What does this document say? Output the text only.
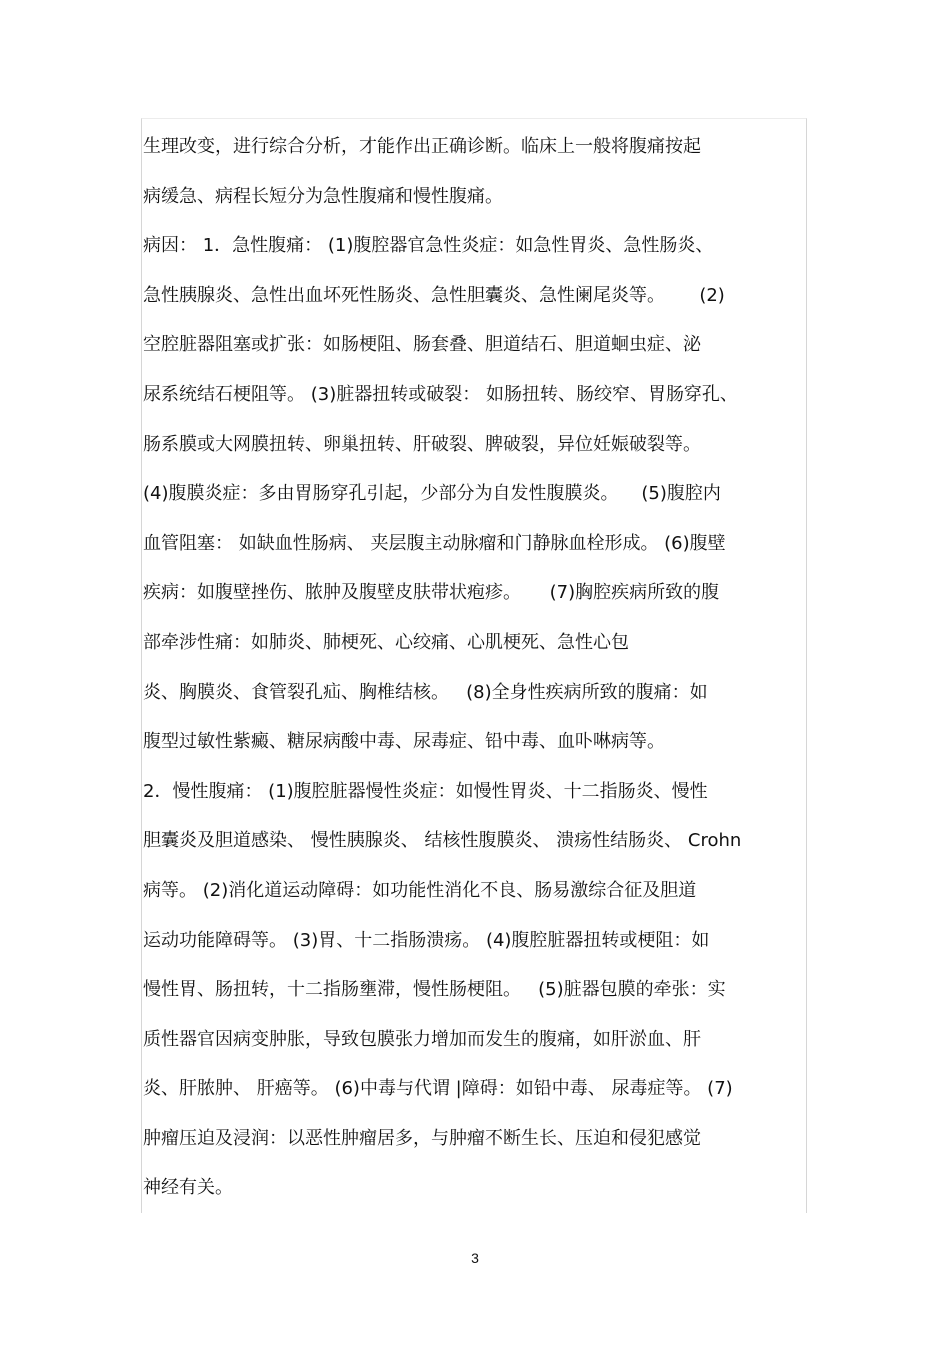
生理改变，进行综合分析，才能作出正确诊断。临床上一般将腹痛按起
病缓急、病程长短分为急性腹痛和慢性腹痛。
病因： 1．急性腹痛： (1)腹腔器官急性炎症：如急性胃炎、急性肠炎、
急性胰腺炎、急性出血坏死性肠炎、急性胆囊炎、急性阑尾炎等。      (2)
空腔脏器阻塞或扩张：如肠梗阻、肠套叠、胆道结石、胆道蛔虫症、泌
尿系统结石梗阻等。 (3)脏器扭转或破裂： 如肠扭转、肠绞窄、胃肠穿孔、
肠系膜或大网膜扭转、卵巢扭转、肝破裂、脾破裂，异位妊娠破裂等。
(4)腹膜炎症：多由胃肠穿孔引起，少部分为自发性腹膜炎。    (5)腹腔内
血管阻塞： 如缺血性肠病、 夹层腹主动脉瘤和门静脉血栓形成。 (6)腹壁
疾病：如腹壁挫伤、脓肿及腹壁皮肤带状疱疹。     (7)胸腔疾病所致的腹
部牵涉性痛：如肺炎、肺梗死、心绞痛、心肌梗死、急性心包
炎、胸膜炎、食管裂孔疝、胸椎结核。   (8)全身性疾病所致的腹痛：如
腹型过敏性紫癜、糖尿病酸中毒、尿毒症、铅中毒、血卟啉病等。
2．慢性腹痛： (1)腹腔脏器慢性炎症：如慢性胃炎、十二指肠炎、慢性
胆囊炎及胆道感染、 慢性胰腺炎、 结核性腹膜炎、 溃疡性结肠炎、 Crohn
病等。 (2)消化道运动障碍：如功能性消化不良、肠易激综合征及胆道
运动功能障碍等。 (3)胃、十二指肠溃疡。 (4)腹腔脏器扭转或梗阻：如
慢性胃、肠扭转，十二指肠壅滞，慢性肠梗阻。   (5)脏器包膜的牵张：实
质性器官因病变肿胀，导致包膜张力增加而发生的腹痛，如肝淤血、肝
炎、肝脓肿、 肝癌等。 (6)中毒与代谓 |障碍：如铅中毒、 尿毒症等。 (7)
肿瘤压迫及浸润：以恶性肿瘤居多，与肿瘤不断生长、压迫和侵犯感觉
神经有关。
3
